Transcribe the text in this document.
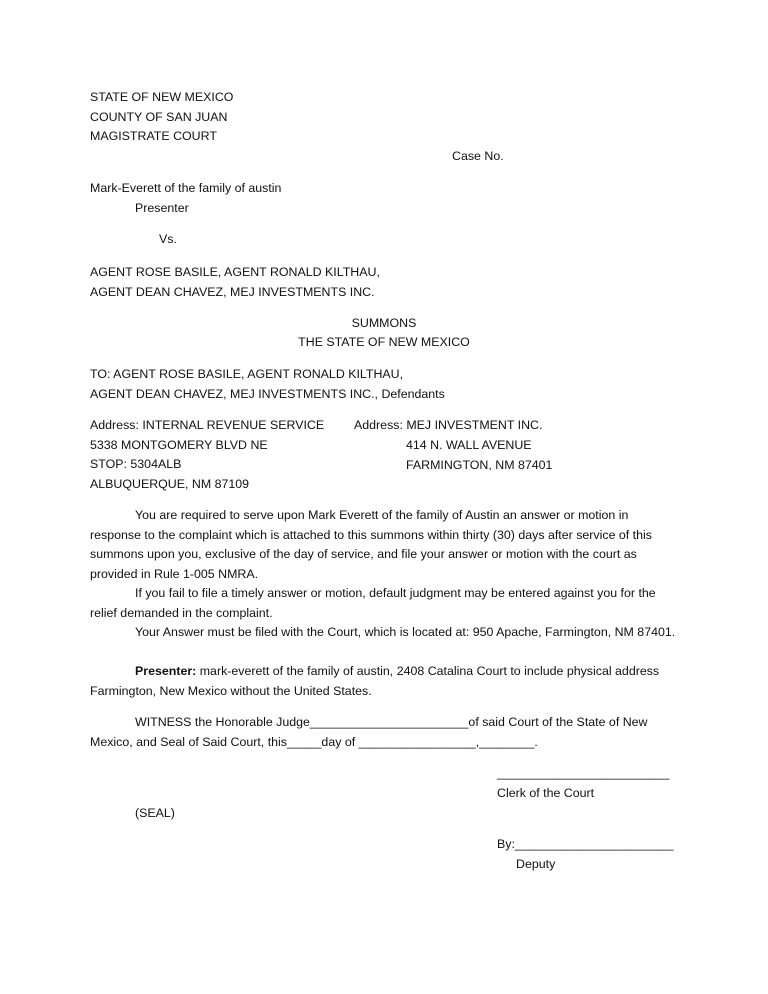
STATE OF NEW MEXICO
COUNTY OF SAN JUAN
MAGISTRATE COURT
Case No.
Mark-Everett of the family of austin
Presenter
Vs.
AGENT ROSE BASILE, AGENT RONALD KILTHAU,
AGENT DEAN CHAVEZ, MEJ INVESTMENTS INC.
SUMMONS
THE STATE OF NEW MEXICO
TO: AGENT ROSE BASILE, AGENT RONALD KILTHAU,
AGENT DEAN CHAVEZ, MEJ INVESTMENTS INC., Defendants
Address: INTERNAL REVENUE SERVICE
5338 MONTGOMERY BLVD NE
STOP: 5304ALB
ALBUQUERQUE, NM 87109
Address: MEJ INVESTMENT INC.
414 N. WALL AVENUE
FARMINGTON, NM 87401

You are required to serve upon Mark Everett of the family of Austin an answer or motion in response to the complaint which is attached to this summons within thirty (30) days after service of this summons upon you, exclusive of the day of service, and file your answer or motion with the court as provided in Rule 1-005 NMRA.

If you fail to file a timely answer or motion, default judgment may be entered against you for the relief demanded in the complaint.

Your Answer must be filed with the Court, which is located at: 950 Apache, Farmington, NM 87401.

Presenter: mark-everett of the family of austin, 2408 Catalina Court to include physical address Farmington, New Mexico without the United States.

WITNESS the Honorable Judge_______________________of said Court of the State of New Mexico, and Seal of Said Court, this_____day of _________________,________.

_________________________
Clerk of the Court
(SEAL)
By:_______________________
Deputy
